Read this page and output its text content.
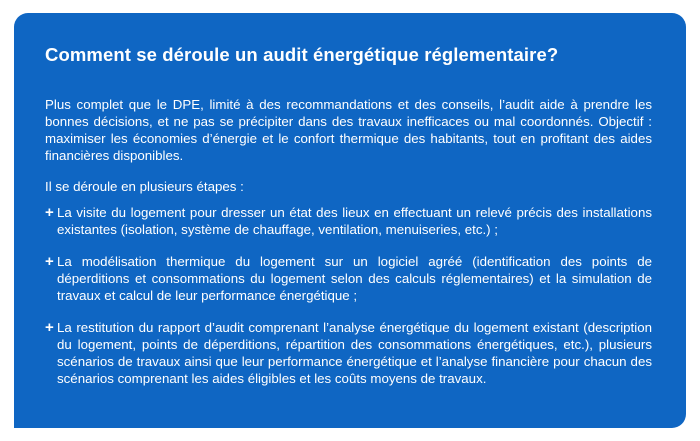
Comment se déroule un audit énergétique réglementaire?

Plus complet que le DPE, limité à des recommandations et des conseils, l’audit aide à prendre les bonnes décisions, et ne pas se précipiter dans des travaux inefficaces ou mal coordonnés. Objectif : maximiser les économies d’énergie et le confort thermique des habitants, tout en profitant des aides financières disponibles.

Il se déroule en plusieurs étapes :

+ La visite du logement pour dresser un état des lieux en effectuant un relevé précis des installations existantes (isolation, système de chauffage, ventilation, menuiseries, etc.) ;
+ La modélisation thermique du logement sur un logiciel agréé (identification des points de déperditions et consommations du logement selon des calculs réglementaires) et la simulation de travaux et calcul de leur performance énergétique ;
+ La restitution du rapport d’audit comprenant l’analyse énergétique du logement existant (description du logement, points de déperditions, répartition des consommations énergétiques, etc.), plusieurs scénarios de travaux ainsi que leur performance énergétique et l’analyse financière pour chacun des scénarios comprenant les aides éligibles et les coûts moyens de travaux.
